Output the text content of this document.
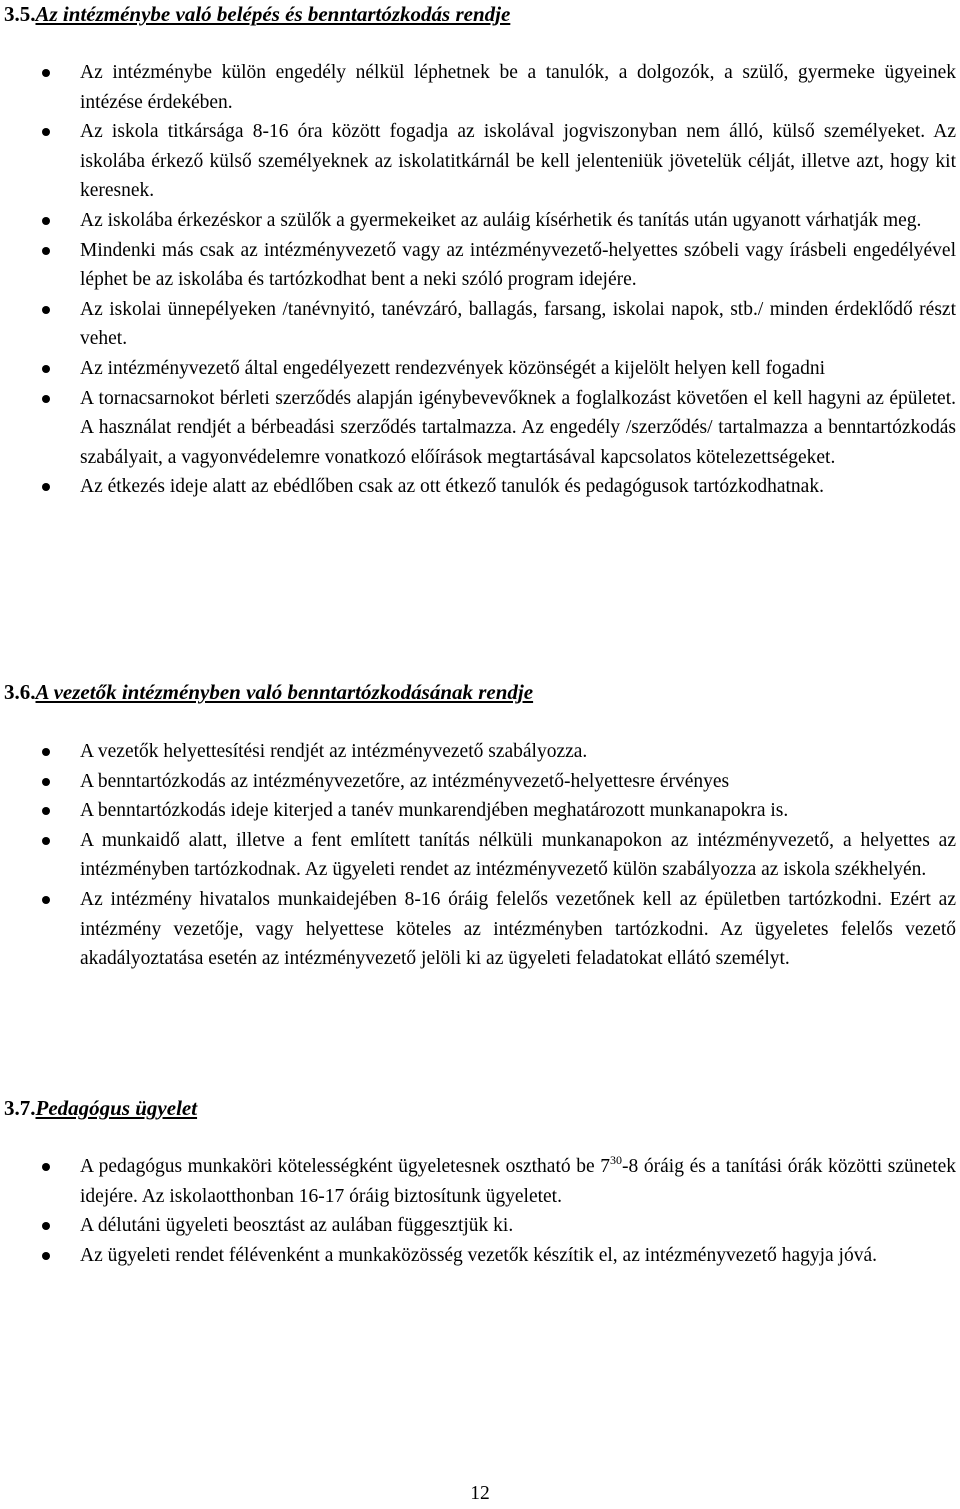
3.5.Az intézménybe való belépés és benntartózkodás rendje
Az intézménybe külön engedély nélkül léphetnek be a tanulók, a dolgozók, a szülő, gyermeke ügyeinek intézése érdekében.
Az iskola titkársága 8-16 óra között fogadja az iskolával jogviszonyban nem álló, külső személyeket. Az iskolába érkező külső személyeknek az iskolatitkárnál be kell jelenteniük jövetelük célját, illetve azt, hogy kit keresnek.
Az iskolába érkezéskor a szülők a gyermekeiket az auláig kísérhetik és tanítás után ugyanott várhatják meg.
Mindenki más csak az intézményvezető vagy az intézményvezető-helyettes szóbeli vagy írásbeli engedélyével léphet be az iskolába és tartózkodhat bent a neki szóló program idejére.
Az iskolai ünnepélyeken /tanévnyitó, tanévzáró, ballagás, farsang, iskolai napok, stb./ minden érdeklődő részt vehet.
Az intézményvezető által engedélyezett rendezvények közönségét a kijelölt helyen kell fogadni
A tornacsarnokot bérleti szerződés alapján igénybevevőknek a foglalkozást követően el kell hagyni az épületet. A használat rendjét a bérbeadási szerződés tartalmazza. Az engedély /szerződés/ tartalmazza a benntartózkodás szabályait, a vagyonvédelemre vonatkozó előírások megtartásával kapcsolatos kötelezettségeket.
Az étkezés ideje alatt az ebédlőben csak az ott étkező tanulók és pedagógusok tartózkodhatnak.
3.6.A vezetők intézményben való benntartózkodásának rendje
A vezetők helyettesítési rendjét az intézményvezető szabályozza.
A benntartózkodás az intézményvezetőre, az intézményvezető-helyettesre érvényes
A benntartózkodás ideje kiterjed a tanév munkarendjében meghatározott munkanapokra is.
A munkaidő alatt, illetve a fent említett tanítás nélküli munkanapokon az intézményvezető, a helyettes az intézményben tartózkodnak. Az ügyeleti rendet az intézményvezető külön szabályozza az iskola székhelyén.
Az intézmény hivatalos munkaidejében 8-16 óráig felelős vezetőnek kell az épületben tartózkodni. Ezért az intézmény vezetője, vagy helyettese köteles az intézményben tartózkodni. Az ügyeletes felelős vezető akadályoztatása esetén az intézményvezető jelöli ki az ügyeleti feladatokat ellátó személyt.
3.7.Pedagógus ügyelet
A pedagógus munkaköri kötelességként ügyeletesnek osztható be $7^{30}-8$ óráig és a tanítási órák közötti szünetek idejére. Az iskolaotthonban 16-17 óráig biztosítunk ügyeletet.
A délutáni ügyeleti beosztást az aulában függesztjük ki.
Az ügyeleti rendet félévenként a munkaközösség vezetők készítik el, az intézményvezető hagyja jóvá.
12
